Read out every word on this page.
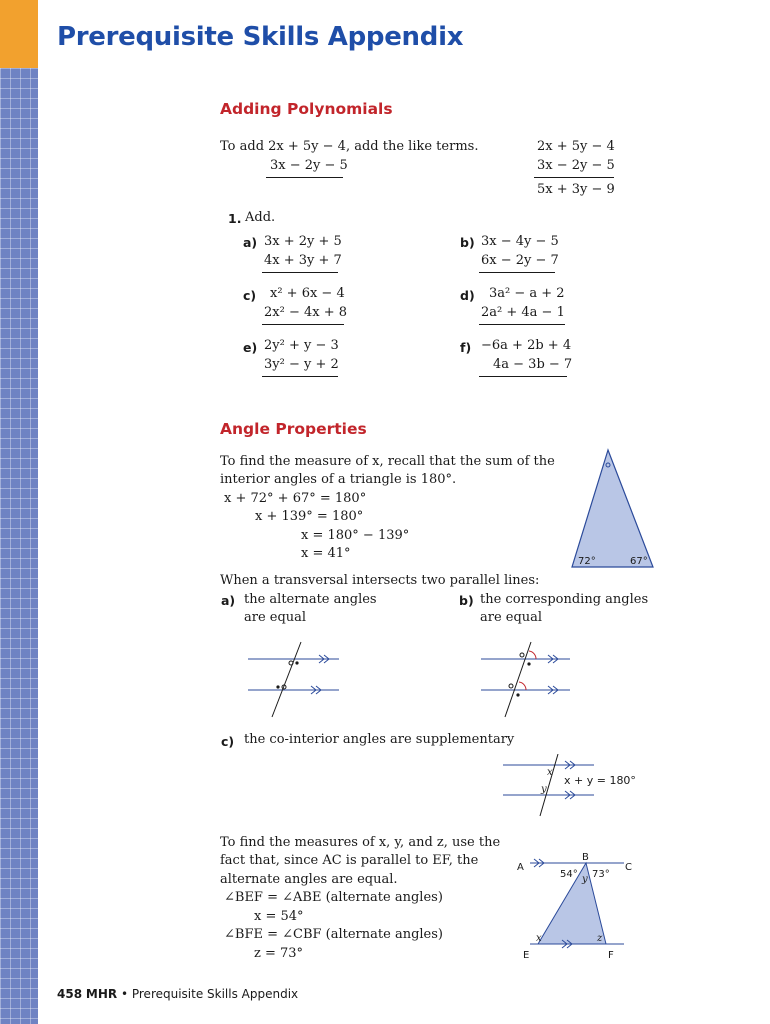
Prerequisite Skills Appendix
Adding Polynomials
To add 2x + 5y − 4, add the like terms.
3x − 2y − 5
2x + 5y − 4
3x − 2y − 5
5x + 3y − 9
1. Add.
a) 3x + 2y + 5
4x + 3y + 7
b) 3x − 4y − 5
6x − 2y − 7
c) x² + 6x − 4
2x² − 4x + 8
d) 3a² − a + 2
2a² + 4a − 1
e) 2y² + y − 3
3y² − y + 2
f) −6a + 2b + 4
4a − 3b − 7
Angle Properties
To find the measure of x, recall that the sum of the
interior angles of a triangle is 180°.
x + 72° + 67° = 180°
x + 139° = 180°
x = 180° − 139°
x = 41°
72°	67°
When a transversal intersects two parallel lines:
a) the alternate angles
are equal
b) the corresponding angles
are equal
c) the co-interior angles are supplementary
x
y
x + y = 180°
To find the measures of x, y, and z, use the
fact that, since AC is parallel to EF, the
alternate angles are equal.
∠BEF = ∠ABE (alternate angles)
x = 54°
∠BFE = ∠CBF (alternate angles)
z = 73°
A
B
C
E	F
54° 73°
y
x	z
458 MHR • Prerequisite Skills Appendix
